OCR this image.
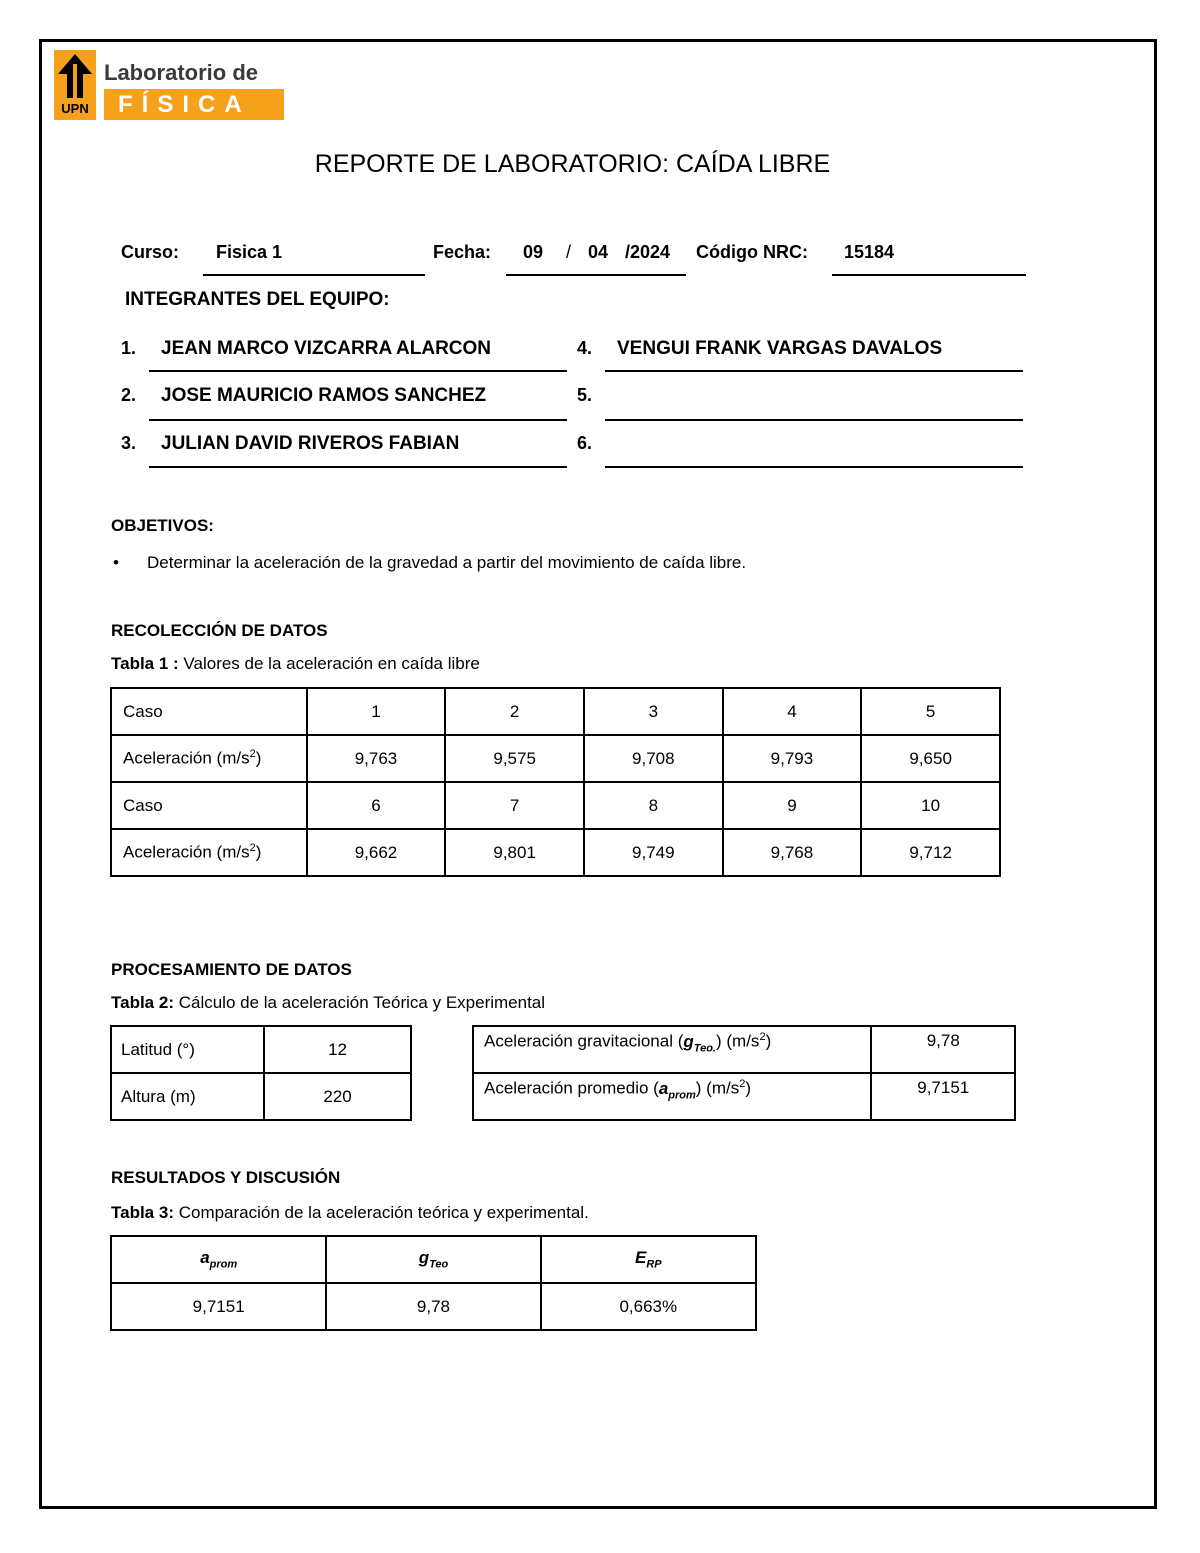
UPN
Laboratorio de
FÍSICA
REPORTE DE LABORATORIO: CAÍDA LIBRE
Curso: Fisica 1	Fecha: 09 / 04 /2024 Código NRC: 15184
INTEGRANTES DEL EQUIPO:
1. JEAN MARCO VIZCARRA ALARCON
2. JOSE MAURICIO RAMOS SANCHEZ
3. JULIAN DAVID RIVEROS FABIAN
4. VENGUI FRANK VARGAS DAVALOS
5.
6.
OBJETIVOS:
• Determinar la aceleración de la gravedad a partir del movimiento de caída libre.
RECOLECCIÓN DE DATOS
Tabla 1 : Valores de la aceleración en caída libre
Caso	1	2	3	4	5
Aceleración $(m/s^2)$	9,763	9,575	9,708	9,793	9,650
Caso	6	7	8	9	10
Aceleración $(m/s^2)$	9,662	9,801	9,749	9,768	9,712
PROCESAMIENTO DE DATOS
Tabla 2: Cálculo de la aceleración Teórica y Experimental
Latitud (°)	12
Altura (m)	220
Aceleración gravitacional $(g_{Teo.})$ $(m/s^2)$	9,78
Aceleración promedio $(a_{prom})$ $(m/s^2)$	9,7151
RESULTADOS Y DISCUSIÓN
Tabla 3: Comparación de la aceleración teórica y experimental.
$a_{prom}$	$g_{Teo}$	$E_{RP}$
9,7151	9,78	0,663%
